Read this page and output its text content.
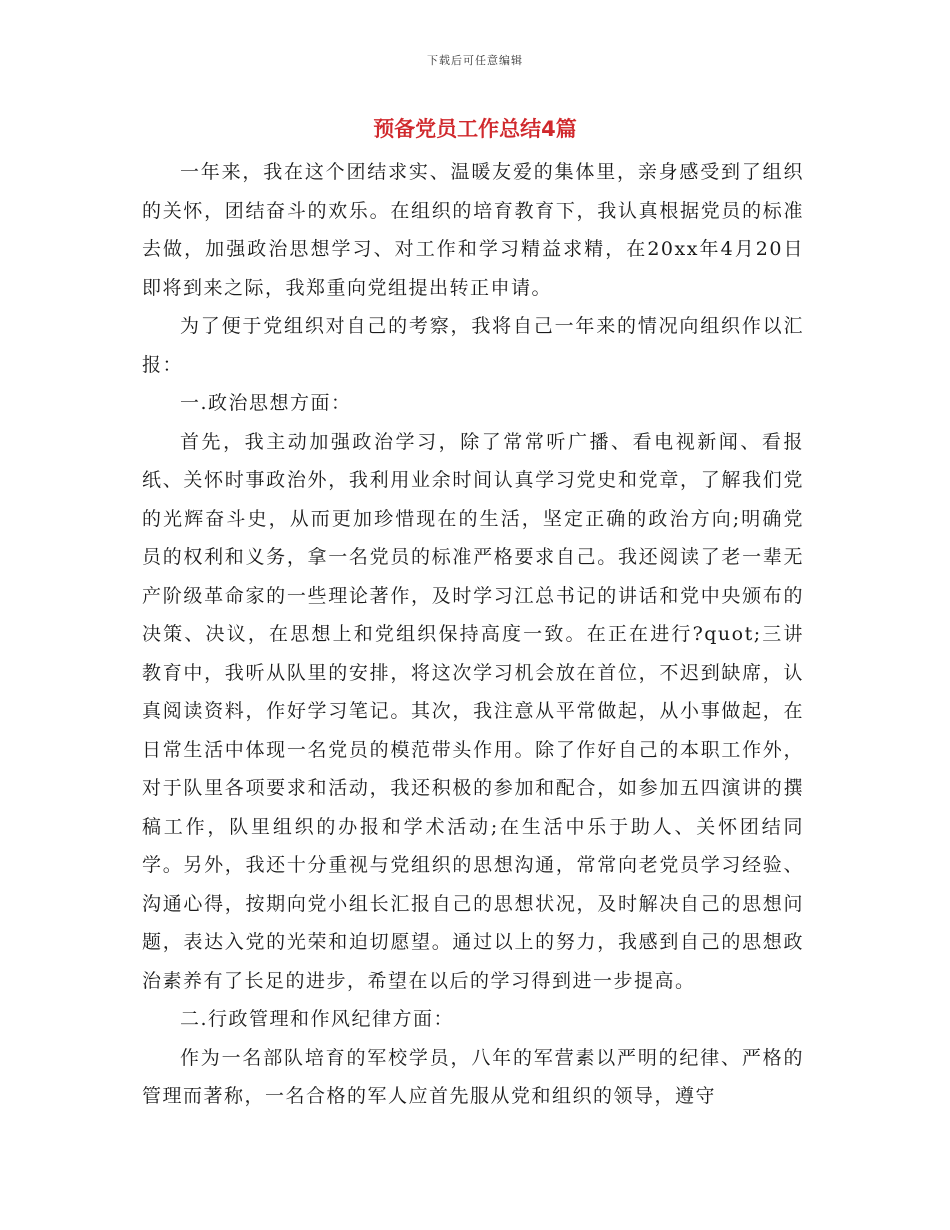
下载后可任意编辑
预备党员工作总结4篇

一年来，我在这个团结求实、温暖友爱的集体里，亲身感受到了组织的关怀，团结奋斗的欢乐。在组织的培育教育下，我认真根据党员的标准去做，加强政治思想学习、对工作和学习精益求精，在20xx年4月20日即将到来之际，我郑重向党组提出转正申请。

为了便于党组织对自己的考察，我将自己一年来的情况向组织作以汇报：

一.政治思想方面：

首先，我主动加强政治学习，除了常常听广播、看电视新闻、看报纸、关怀时事政治外，我利用业余时间认真学习党史和党章，了解我们党的光辉奋斗史，从而更加珍惜现在的生活，坚定正确的政治方向;明确党员的权利和义务，拿一名党员的标准严格要求自己。我还阅读了老一辈无产阶级革命家的一些理论著作，及时学习江总书记的讲话和党中央颁布的决策、决议，在思想上和党组织保持高度一致。在正在进行?quot;三讲教育中，我听从队里的安排，将这次学习机会放在首位，不迟到缺席，认真阅读资料，作好学习笔记。其次，我注意从平常做起，从小事做起，在日常生活中体现一名党员的模范带头作用。除了作好自己的本职工作外，对于队里各项要求和活动，我还积极的参加和配合，如参加五四演讲的撰稿工作，队里组织的办报和学术活动;在生活中乐于助人、关怀团结同学。另外，我还十分重视与党组织的思想沟通，常常向老党员学习经验、沟通心得，按期向党小组长汇报自己的思想状况，及时解决自己的思想问题，表达入党的光荣和迫切愿望。通过以上的努力，我感到自己的思想政治素养有了长足的进步，希望在以后的学习得到进一步提高。

二.行政管理和作风纪律方面：

作为一名部队培育的军校学员，八年的军营素以严明的纪律、严格的管理而著称，一名合格的军人应首先服从党和组织的领导，遵守
